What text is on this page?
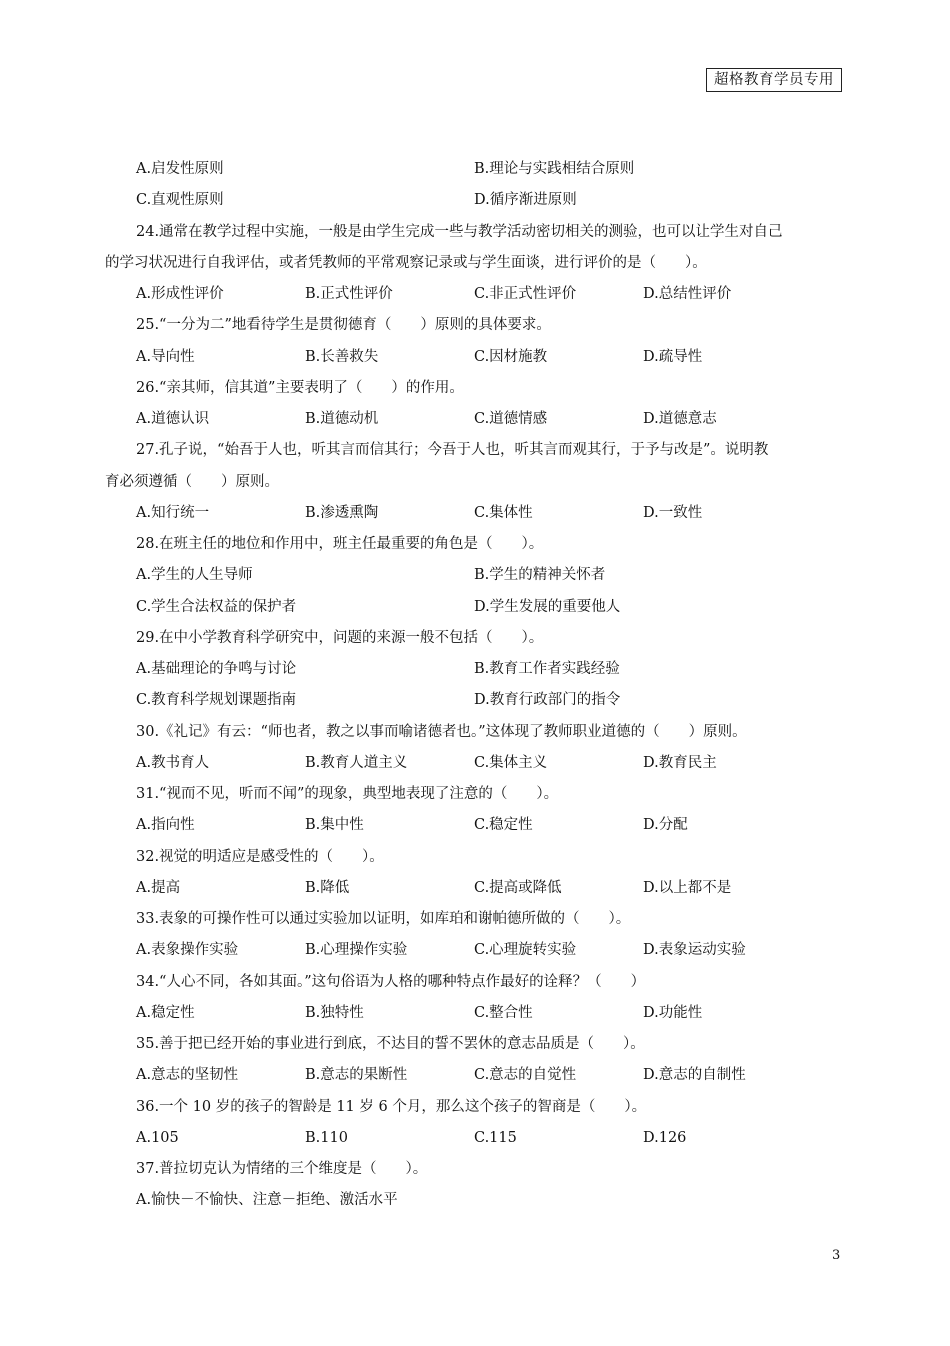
超格教育学员专用
A.启发性原则	B.理论与实践相结合原则
C.直观性原则	D.循序渐进原则
24.通常在教学过程中实施，一般是由学生完成一些与教学活动密切相关的测验，也可以让学生对自己
的学习状况进行自我评估，或者凭教师的平常观察记录或与学生面谈，进行评价的是（　　）。
A.形成性评价	B.正式性评价	C.非正式性评价	D.总结性评价
25.“一分为二”地看待学生是贯彻德育（　　）原则的具体要求。
A.导向性	B.长善救失	C.因材施教	D.疏导性
26.“亲其师，信其道”主要表明了（　　）的作用。
A.道德认识	B.道德动机	C.道德情感	D.道德意志
27.孔子说，“始吾于人也，听其言而信其行；今吾于人也，听其言而观其行，于予与改是”。说明教
育必须遵循（　　）原则。
A.知行统一	B.渗透熏陶	C.集体性	D.一致性
28.在班主任的地位和作用中，班主任最重要的角色是（　　）。
A.学生的人生导师	B.学生的精神关怀者
C.学生合法权益的保护者	D.学生发展的重要他人
29.在中小学教育科学研究中，问题的来源一般不包括（　　）。
A.基础理论的争鸣与讨论	B.教育工作者实践经验
C.教育科学规划课题指南	D.教育行政部门的指令
30.《礼记》有云：“师也者，教之以事而喻诸德者也。”这体现了教师职业道德的（　　）原则。
A.教书育人	B.教育人道主义	C.集体主义	D.教育民主
31.“视而不见，听而不闻”的现象，典型地表现了注意的（　　）。
A.指向性	B.集中性	C.稳定性	D.分配
32.视觉的明适应是感受性的（　　）。
A.提高	B.降低	C.提高或降低	D.以上都不是
33.表象的可操作性可以通过实验加以证明，如库珀和谢帕德所做的（　　）。
A.表象操作实验	B.心理操作实验	C.心理旋转实验	D.表象运动实验
34.“人心不同，各如其面。”这句俗语为人格的哪种特点作最好的诠释？（　　）
A.稳定性	B.独特性	C.整合性	D.功能性
35.善于把已经开始的事业进行到底，不达目的誓不罢休的意志品质是（　　）。
A.意志的坚韧性	B.意志的果断性	C.意志的自觉性	D.意志的自制性
36.一个 10 岁的孩子的智龄是 11 岁 6 个月，那么这个孩子的智商是（　　）。
A.105	B.110	C.115	D.126
37.普拉切克认为情绪的三个维度是（　　）。
A.愉快－不愉快、注意－拒绝、激活水平
3
